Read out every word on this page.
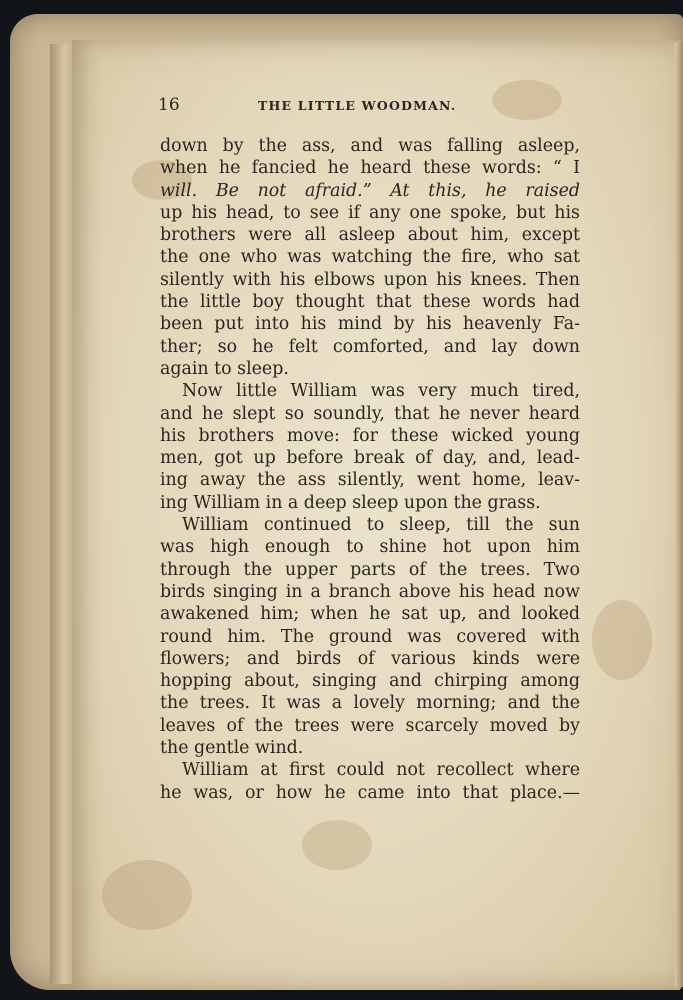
16	THE LITTLE WOODMAN.
down by the ass, and was falling asleep,
when he fancied he heard these words: “ I
will. Be not afraid.” At this, he raised
up his head, to see if any one spoke, but his
brothers were all asleep about him, except
the one who was watching the fire, who sat
silently with his elbows upon his knees. Then
the little boy thought that these words had
been put into his mind by his heavenly Fa-
ther; so he felt comforted, and lay down
again to sleep.
Now little William was very much tired,
and he slept so soundly, that he never heard
his brothers move: for these wicked young
men, got up before break of day, and, lead-
ing away the ass silently, went home, leav-
ing William in a deep sleep upon the grass.
William continued to sleep, till the sun
was high enough to shine hot upon him
through the upper parts of the trees. Two
birds singing in a branch above his head now
awakened him; when he sat up, and looked
round him. The ground was covered with
flowers; and birds of various kinds were
hopping about, singing and chirping among
the trees. It was a lovely morning; and the
leaves of the trees were scarcely moved by
the gentle wind.
William at first could not recollect where
he was, or how he came into that place.—
